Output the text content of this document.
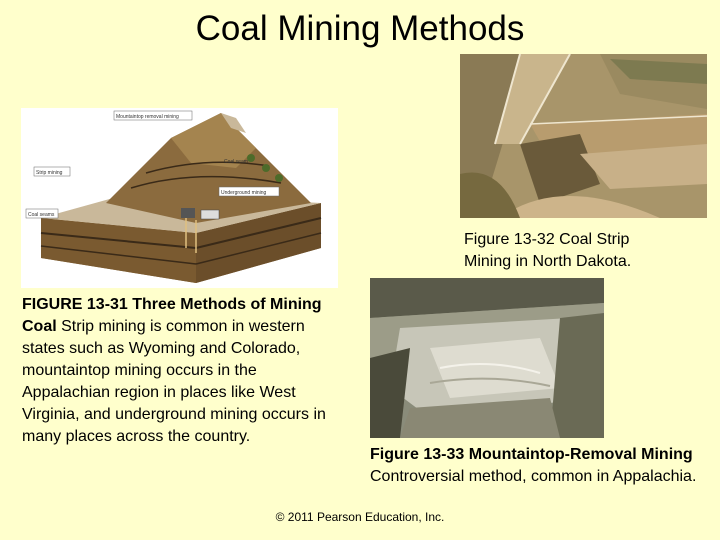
Coal Mining Methods
Mountaintop removal mining
Strip mining
Coal seams
Coal seam
Underground mining
Figure 13-32 Coal Strip
Mining in North Dakota.
FIGURE 13-31 Three Methods of Mining Coal Strip mining is common in western states such as Wyoming and Colorado, mountaintop mining occurs in the Appalachian region in places like West Virginia, and underground mining occurs in many places across the country.
Figure 13-33 Mountaintop-Removal Mining Controversial method, common in Appalachia.
© 2011 Pearson Education, Inc.
